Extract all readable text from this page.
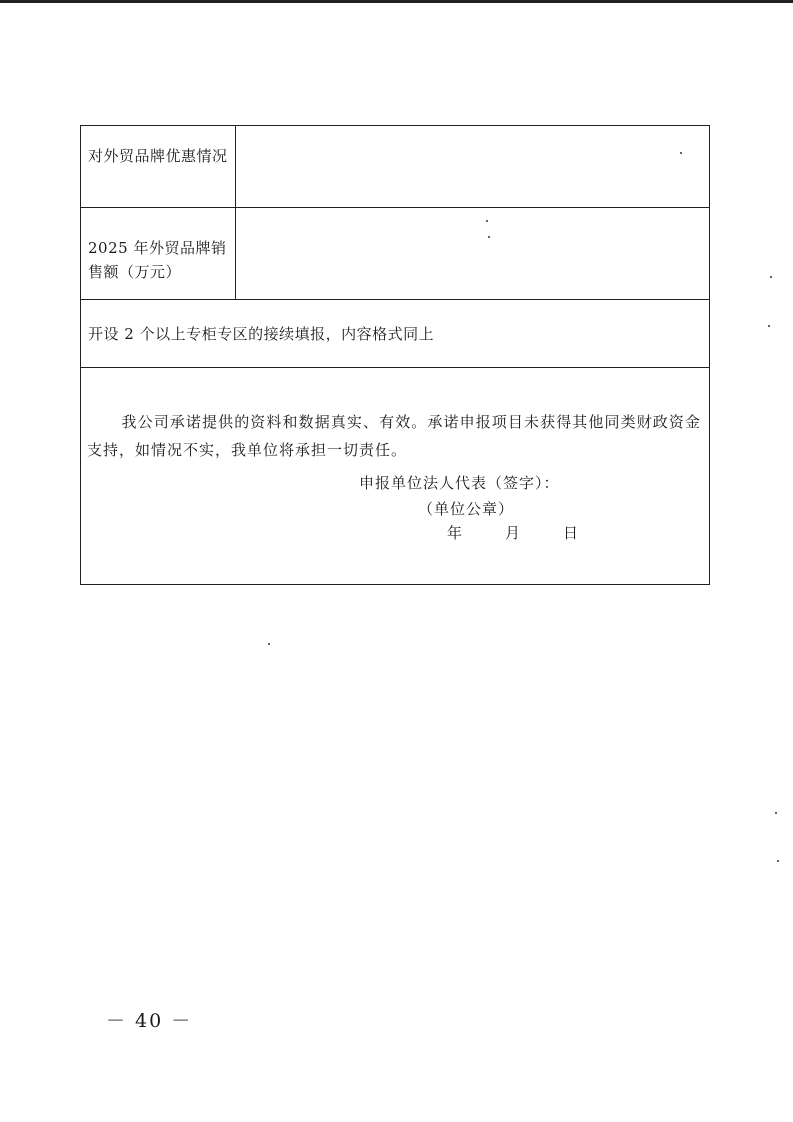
对外贸品牌优惠情况
2025 年外贸品牌销售额（万元）
开设 2 个以上专柜专区的接续填报，内容格式同上
我公司承诺提供的资料和数据真实、有效。承诺申报项目未获得其他同类财政资金支持，如情况不实，我单位将承担一切责任。
申报单位法人代表（签字）：
（单位公章）
年	月	日
－ 40 －
